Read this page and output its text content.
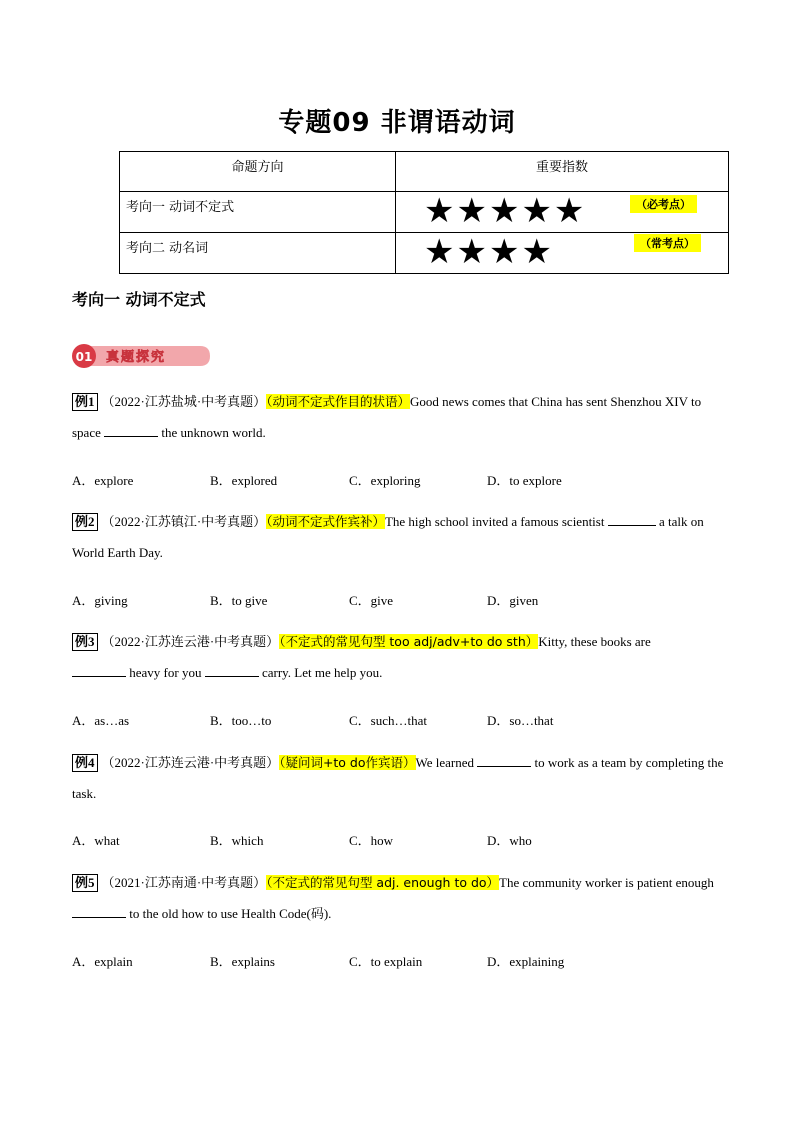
专题09 非谓语动词
命题方向	重要指数
考向一 动词不定式	★★★★★ （必考点）

考向二 动名词	★★★★ （常考点）
考向一 动词不定式
01 真题探究
例1 （2022·江苏盐城·中考真题）（动词不定式作目的状语）Good news comes that China has sent Shenzhou XIV to space	the unknown world.
A．explore	B．explored	C．exploring	D．to explore
例2 （2022·江苏镇江·中考真题）（动词不定式作宾补）The high school invited a famous scientist	a talk on World Earth Day.
A．giving	B．to give	C．give	D．given
例3 （2022·江苏连云港·中考真题）（不定式的常见句型 too adj/adv+to do sth）Kitty, these books are
heavy for you	carry. Let me help you.
A．as…as	B．too…to	C．such…that	D．so…that
例4 （2022·江苏连云港·中考真题）（疑问词+to do作宾语）We learned	to work as a team by completing the task.
A．what	B．which	C．how	D．who
例5 （2021·江苏南通·中考真题）（不定式的常见句型 adj. enough to do）The community worker is patient enough  to the old how to use Health Code(码).
A．explain	B．explains	C．to explain	D．explaining
